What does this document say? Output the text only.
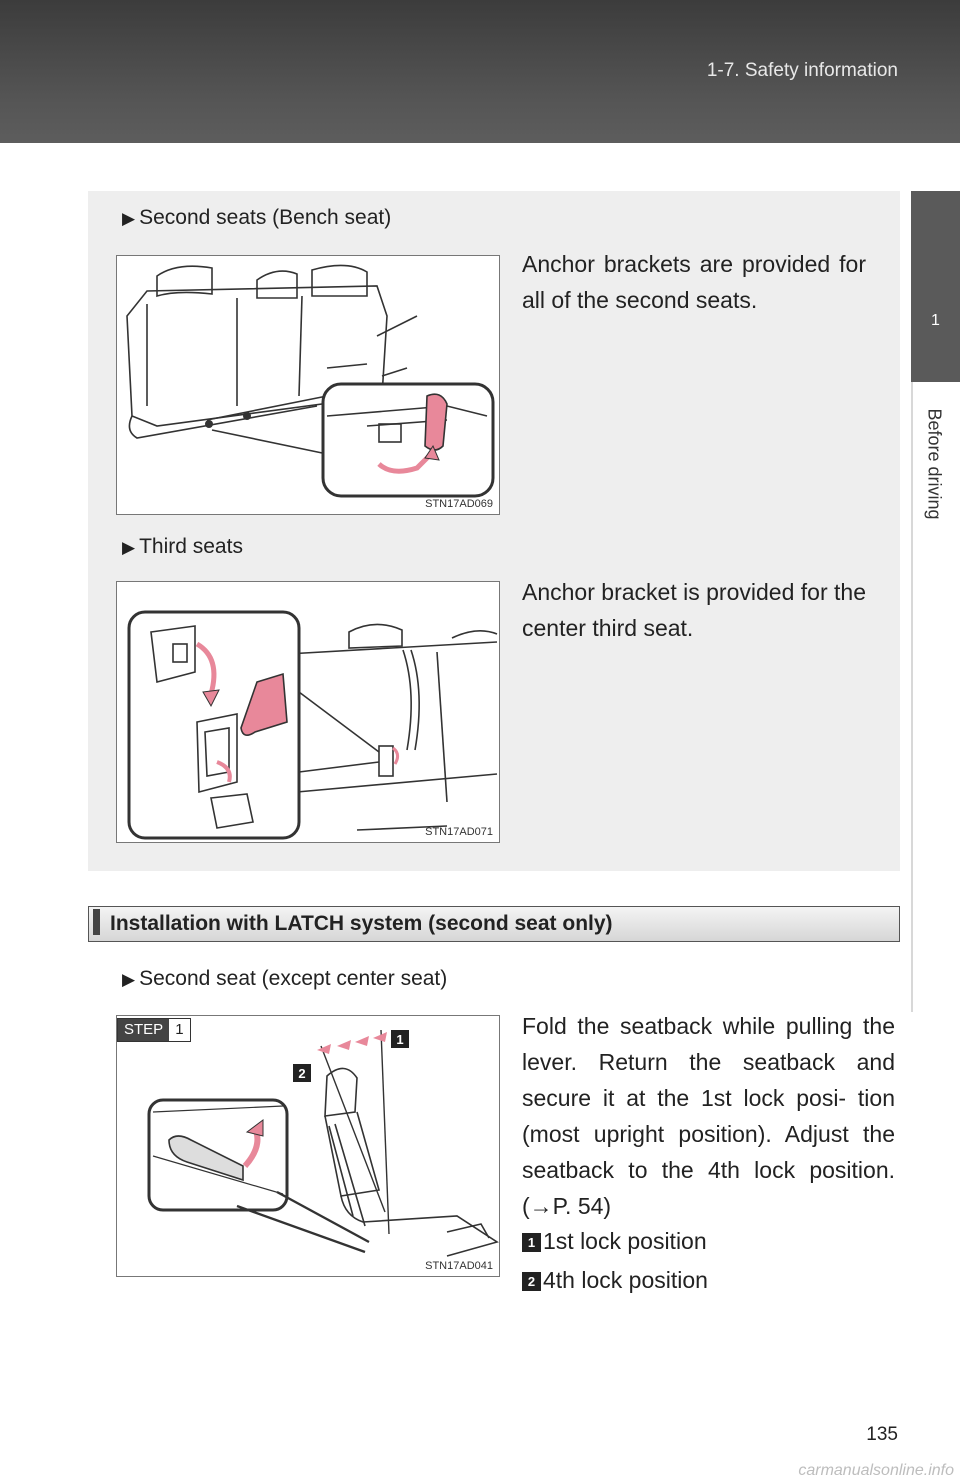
1-7. Safety information
1
Before driving
▶ Second seats (Bench seat)
Anchor brackets are provided for all of the second seats.
STN17AD069
▶ Third seats
Anchor bracket is provided for the center third seat.
STN17AD071
Installation with LATCH system (second seat only)
▶ Second seat (except center seat)
1
2
STN17AD041
STEP 1	Fold the seatback while pulling the lever. Return the seatback and secure it at the 1st lock posi- tion (most upright position). Adjust the seatback to the 4th lock position. (→P. 54)
1 1st lock position
2 4th lock position
135
carmanualsonline.info
